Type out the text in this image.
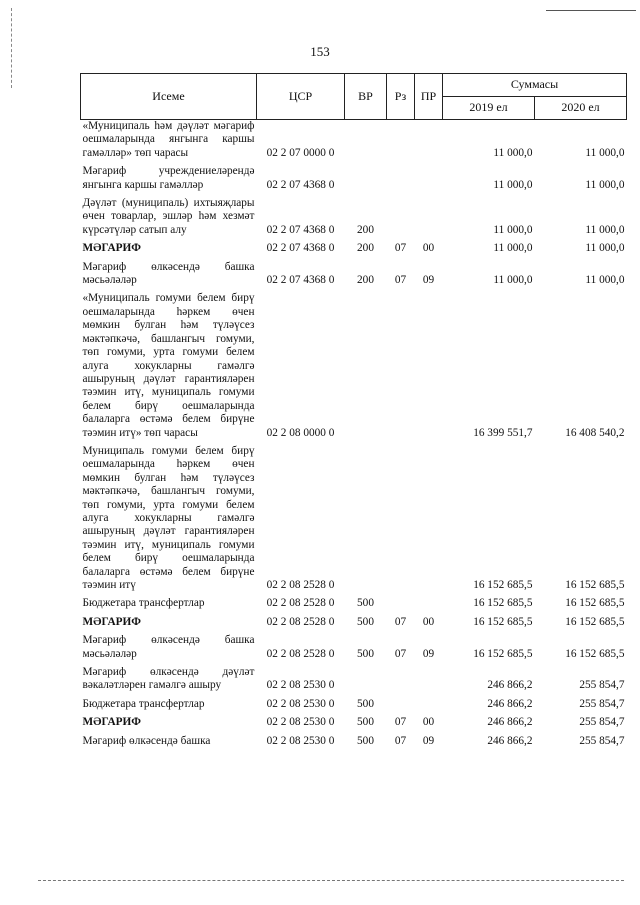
153
Исеме	ЦСР	ВР	Рз	ПР	Суммасы	
					2019 ел	2020 ел
«Муниципаль һәм дәүләт мәгариф оешмаларында янгынга каршы гамәлләр» төп чарасы	02 2 07 0000 0				11 000,0	11 000,0
Мәгариф учреждениеләрендә янгынга каршы гамәлләр	02 2 07 4368 0				11 000,0	11 000,0
Дәүләт (муниципаль) ихтыяҗлары өчен товарлар, эшләр һәм хезмәт күрсәтүләр сатып алу	02 2 07 4368 0	200			11 000,0	11 000,0
МӘГАРИФ	02 2 07 4368 0	200	07	00	11 000,0	11 000,0
Мәгариф өлкәсендә башка мәсьәләләр	02 2 07 4368 0	200	07	09	11 000,0	11 000,0
«Муниципаль гомуми белем бирү оешмаларында һәркем өчен мөмкин булган һәм түләүсез мәктәпкәчә, башлангыч гомуми, төп гомуми, урта гомуми белем алуга хокукларны гамәлгә ашыруның дәүләт гарантияләрен тәэмин итү, муниципаль гомуми белем бирү оешмаларында балаларга өстәмә белем бирүне тәэмин итү» төп чарасы	02 2 08 0000 0				16 399 551,7	16 408 540,2
Муниципаль гомуми белем бирү оешмаларында һәркем өчен мөмкин булган һәм түләүсез мәктәпкәчә, башлангыч гомуми, төп гомуми, урта гомуми белем алуга хокукларны гамәлгә ашыруның дәүләт гарантияләрен тәэмин итү, муниципаль гомуми белем бирү оешмаларында балаларга өстәмә белем бирүне тәэмин итү	02 2 08 2528 0				16 152 685,5	16 152 685,5
Бюджетара трансфертлар	02 2 08 2528 0	500			16 152 685,5	16 152 685,5
МӘГАРИФ	02 2 08 2528 0	500	07	00	16 152 685,5	16 152 685,5
Мәгариф өлкәсендә башка мәсьәләләр	02 2 08 2528 0	500	07	09	16 152 685,5	16 152 685,5
Мәгариф өлкәсендә дәүләт вәкаләтләрен гамәлгә ашыру	02 2 08 2530 0				246 866,2	255 854,7
Бюджетара трансфертлар	02 2 08 2530 0	500			246 866,2	255 854,7
МӘГАРИФ	02 2 08 2530 0	500	07	00	246 866,2	255 854,7
Мәгариф өлкәсендә башка	02 2 08 2530 0	500	07	09	246 866,2	255 854,7
